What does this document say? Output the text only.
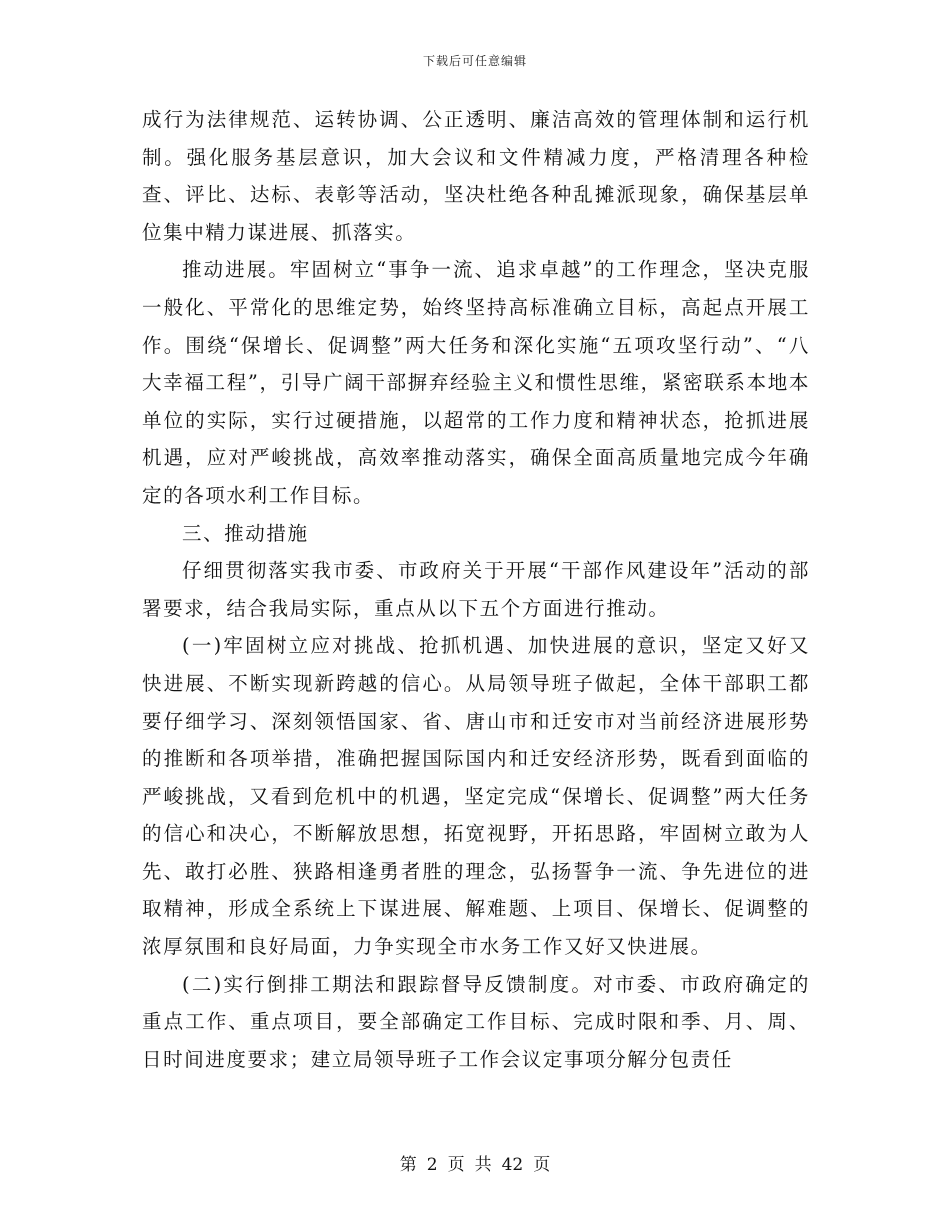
下载后可任意编辑

成行为法律规范、运转协调、公正透明、廉洁高效的管理体制和运行机制。强化服务基层意识，加大会议和文件精减力度，严格清理各种检查、评比、达标、表彰等活动，坚决杜绝各种乱摊派现象，确保基层单位集中精力谋进展、抓落实。

推动进展。牢固树立“事争一流、追求卓越”的工作理念，坚决克服一般化、平常化的思维定势，始终坚持高标准确立目标，高起点开展工作。围绕“保增长、促调整”两大任务和深化实施“五项攻坚行动”、“八大幸福工程”，引导广阔干部摒弃经验主义和惯性思维，紧密联系本地本单位的实际，实行过硬措施，以超常的工作力度和精神状态，抢抓进展机遇，应对严峻挑战，高效率推动落实，确保全面高质量地完成今年确定的各项水利工作目标。

三、推动措施

仔细贯彻落实我市委、市政府关于开展“干部作风建设年”活动的部署要求，结合我局实际，重点从以下五个方面进行推动。

(一)牢固树立应对挑战、抢抓机遇、加快进展的意识，坚定又好又快进展、不断实现新跨越的信心。从局领导班子做起，全体干部职工都要仔细学习、深刻领悟国家、省、唐山市和迁安市对当前经济进展形势的推断和各项举措，准确把握国际国内和迁安经济形势，既看到面临的严峻挑战，又看到危机中的机遇，坚定完成“保增长、促调整”两大任务的信心和决心，不断解放思想，拓宽视野，开拓思路，牢固树立敢为人先、敢打必胜、狭路相逢勇者胜的理念，弘扬誓争一流、争先进位的进取精神，形成全系统上下谋进展、解难题、上项目、保增长、促调整的浓厚氛围和良好局面，力争实现全市水务工作又好又快进展。

(二)实行倒排工期法和跟踪督导反馈制度。对市委、市政府确定的重点工作、重点项目，要全部确定工作目标、完成时限和季、月、周、日时间进度要求；建立局领导班子工作会议定事项分解分包责任

第 2 页 共 42 页
